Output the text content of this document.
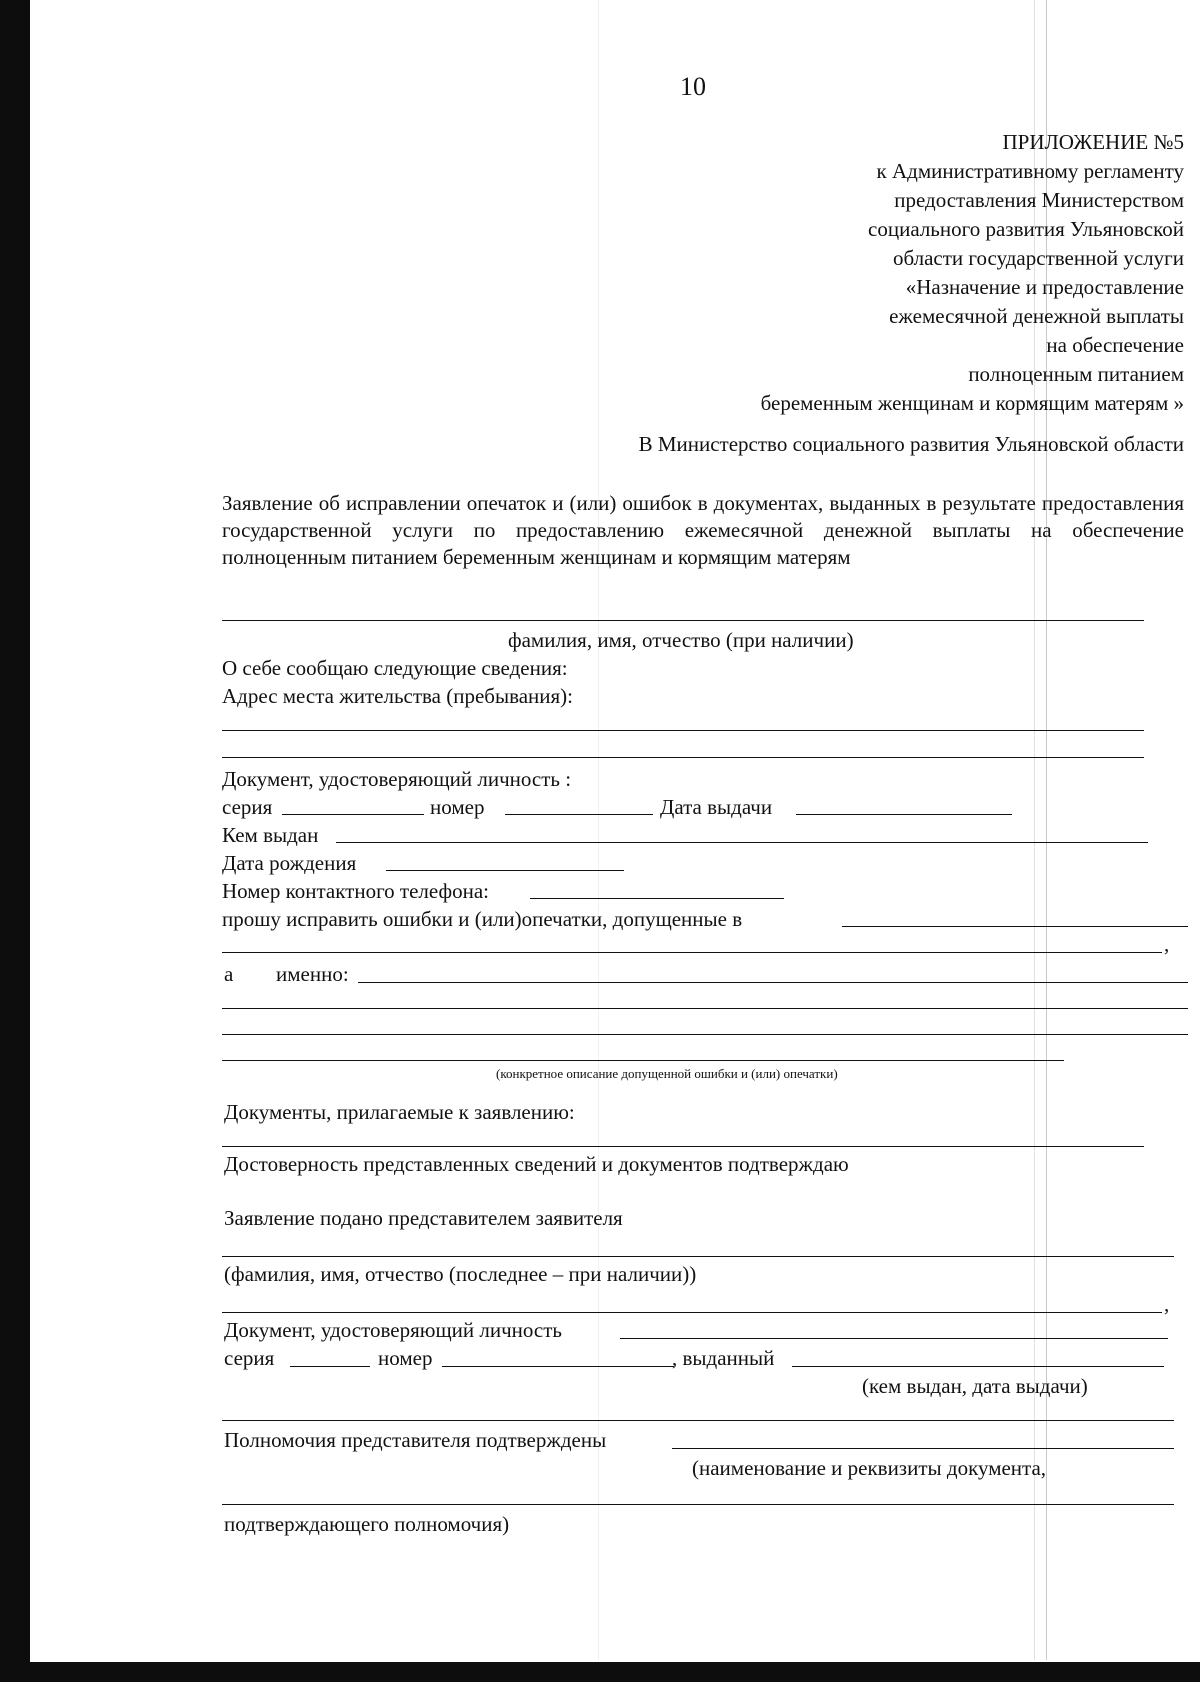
10
ПРИЛОЖЕНИЕ №5
к Административному регламенту
предоставления Министерством
социального развития Ульяновской
области государственной услуги
«Назначение и предоставление
ежемесячной денежной выплаты
на обеспечение
полноценным питанием
беременным женщинам и кормящим матерям »
В Министерство социального развития Ульяновской области
Заявление об исправлении опечаток и (или) ошибок в документах, выданных в результате предоставления государственной услуги по предоставлению ежемесячной денежной выплаты на обеспечение полноценным питанием беременным женщинам и кормящим матерям
фамилия, имя, отчество (при наличии)
О себе сообщаю следующие сведения:
Адрес места жительства (пребывания):
Документ, удостоверяющий личность :
серия	номер	Дата выдачи
Кем выдан
Дата рождения
Номер контактного телефона:
прошу исправить ошибки и (или)опечатки, допущенные в
,
а именно:
(конкретное описание допущенной ошибки и (или) опечатки)
Документы, прилагаемые к заявлению:
Достоверность представленных сведений и документов подтверждаю
Заявление подано представителем заявителя
(фамилия, имя, отчество (последнее – при наличии))
,
Документ, удостоверяющий личность
серия	номер	, выданный
(кем выдан, дата выдачи)
Полномочия представителя подтверждены
(наименование и реквизиты документа,
подтверждающего полномочия)
